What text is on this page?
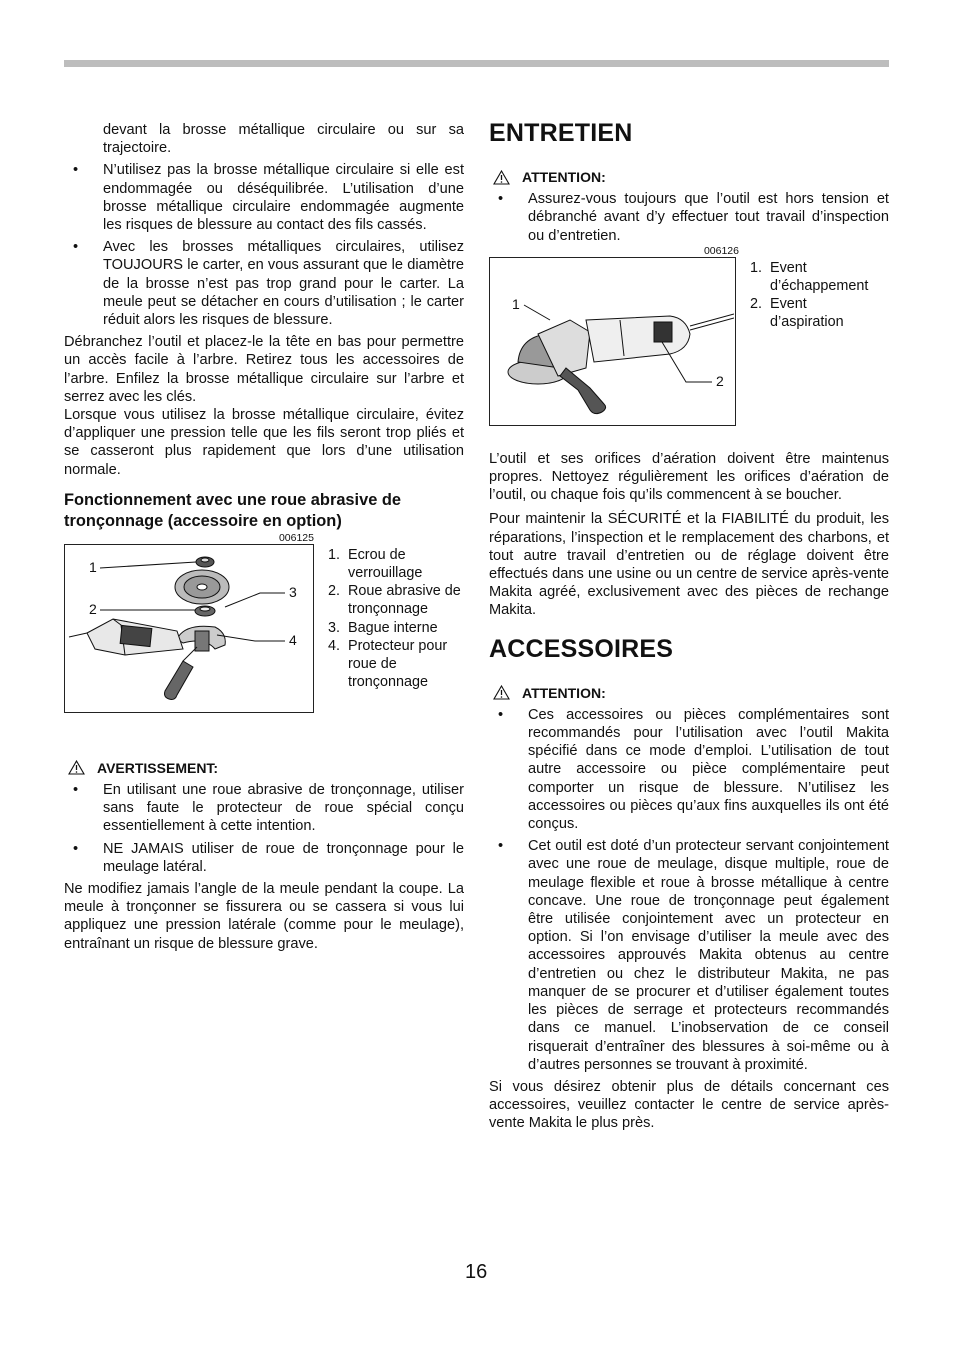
devant la brosse métallique circulaire ou sur sa trajectoire.

• N’utilisez pas la brosse métallique circulaire si elle est endommagée ou déséquilibrée. L’utilisation d’une brosse métallique circulaire endommagée augmente les risques de blessure au contact des fils cassés.
• Avec les brosses métalliques circulaires, utilisez TOUJOURS le carter, en vous assurant que le diamètre de la brosse n’est pas trop grand pour le carter. La meule peut se détacher en cours d’utilisation ; le carter réduit alors les risques de blessure.

Débranchez l’outil et placez-le la tête en bas pour permettre un accès facile à l’arbre. Retirez tous les accessoires de l’arbre. Enfilez la brosse métallique circulaire sur l’arbre et serrez avec les clés.

Lorsque vous utilisez la brosse métallique circulaire, évitez d’appliquer une pression telle que les fils seront trop pliés et se casseront plus rapidement que lors d’une utilisation normale.

Fonctionnement avec une roue abrasive de tronçonnage (accessoire en option)
006125
1
2
3
4
1. Ecrou de verrouillage
2. Roue abrasive de tronçonnage
3. Bague interne
4. Protecteur pour roue de tronçonnage
AVERTISSEMENT:
• En utilisant une roue abrasive de tronçonnage, utiliser sans faute le protecteur de roue spécial conçu essentiellement à cette intention.
• NE JAMAIS utiliser de roue de tronçonnage pour le meulage latéral.

Ne modifiez jamais l’angle de la meule pendant la coupe. La meule à tronçonner se fissurera ou se cassera si vous lui appliquez une pression latérale (comme pour le meulage), entraînant un risque de blessure grave.

ENTRETIEN
ATTENTION:
• Assurez-vous toujours que l’outil est hors tension et débranché avant d’y effectuer tout travail d’inspection ou d’entretien.
006126
1
2
1. Event d’échappement
2. Event d’aspiration

L’outil et ses orifices d’aération doivent être maintenus propres. Nettoyez régulièrement les orifices d’aération de l’outil, ou chaque fois qu’ils commencent à se boucher.

Pour maintenir la SÉCURITÉ et la FIABILITÉ du produit, les réparations, l’inspection et le remplacement des charbons, et tout autre travail d’entretien ou de réglage doivent être effectués dans une usine ou un centre de service après-vente Makita agréé, exclusivement avec des pièces de rechange Makita.

ACCESSOIRES
ATTENTION:
• Ces accessoires ou pièces complémentaires sont recommandés pour l’utilisation avec l’outil Makita spécifié dans ce mode d’emploi. L’utilisation de tout autre accessoire ou pièce complémentaire peut comporter un risque de blessure. N’utilisez les accessoires ou pièces qu’aux fins auxquelles ils ont été conçus.
• Cet outil est doté d’un protecteur servant conjointement avec une roue de meulage, disque multiple, roue de meulage flexible et roue à brosse métallique à centre concave. Une roue de tronçonnage peut également être utilisée conjointement avec un protecteur en option. Si l’on envisage d’utiliser la meule avec des accessoires approuvés Makita obtenus au centre d’entretien ou chez le distributeur Makita, ne pas manquer de se procurer et d’utiliser également toutes les pièces de serrage et protecteurs recommandés dans ce manuel. L’inobservation de ce conseil risquerait d’entraîner des blessures à soi-même ou à d’autres personnes se trouvant à proximité.

Si vous désirez obtenir plus de détails concernant ces accessoires, veuillez contacter le centre de service après-vente Makita le plus près.

16
